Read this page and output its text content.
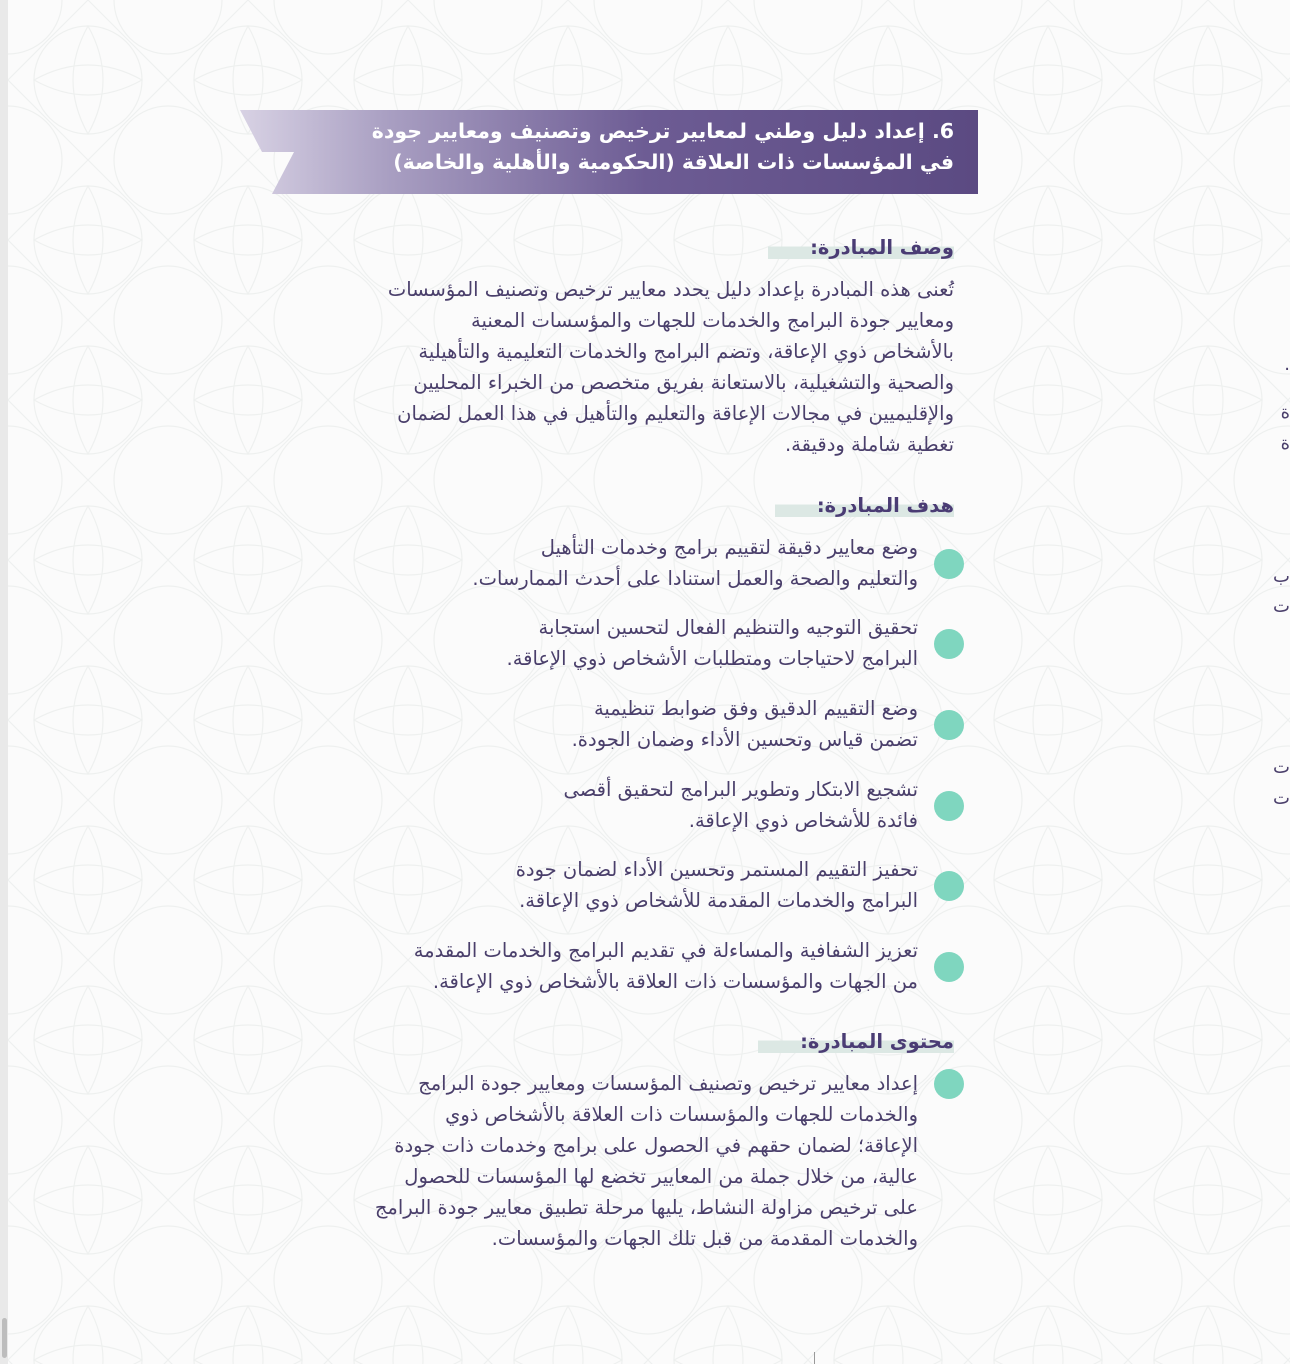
6. إعداد دليل وطني لمعايير ترخيص وتصنيف ومعايير جودة
في المؤسسات ذات العلاقة (الحكومية والأهلية والخاصة)
وصف المبادرة:
تُعنى هذه المبادرة بإعداد دليل يحدد معايير ترخيص وتصنيف المؤسسات
ومعايير جودة البرامج والخدمات للجهات والمؤسسات المعنية
بالأشخاص ذوي الإعاقة، وتضم البرامج والخدمات التعليمية والتأهيلية
والصحية والتشغيلية، بالاستعانة بفريق متخصص من الخبراء المحليين
والإقليميين في مجالات الإعاقة والتعليم والتأهيل في هذا العمل لضمان
تغطية شاملة ودقيقة.
هدف المبادرة:
وضع معايير دقيقة لتقييم برامج وخدمات التأهيل
والتعليم والصحة والعمل استنادا على أحدث الممارسات.
تحقيق التوجيه والتنظيم الفعال لتحسين استجابة
البرامج لاحتياجات ومتطلبات الأشخاص ذوي الإعاقة.
وضع التقييم الدقيق وفق ضوابط تنظيمية
تضمن قياس وتحسين الأداء وضمان الجودة.
تشجيع الابتكار وتطوير البرامج لتحقيق أقصى
فائدة للأشخاص ذوي الإعاقة.
تحفيز التقييم المستمر وتحسين الأداء لضمان جودة
البرامج والخدمات المقدمة للأشخاص ذوي الإعاقة.
تعزيز الشفافية والمساءلة في تقديم البرامج والخدمات المقدمة
من الجهات والمؤسسات ذات العلاقة بالأشخاص ذوي الإعاقة.
محتوى المبادرة:
إعداد معايير ترخيص وتصنيف المؤسسات ومعايير جودة البرامج
والخدمات للجهات والمؤسسات ذات العلاقة بالأشخاص ذوي
الإعاقة؛ لضمان حقهم في الحصول على برامج وخدمات ذات جودة
عالية، من خلال جملة من المعايير تخضع لها المؤسسات للحصول
على ترخيص مزاولة النشاط، يليها مرحلة تطبيق معايير جودة البرامج
والخدمات المقدمة من قبل تلك الجهات والمؤسسات.
.
ة
ة
ب
ت
ت
ت
